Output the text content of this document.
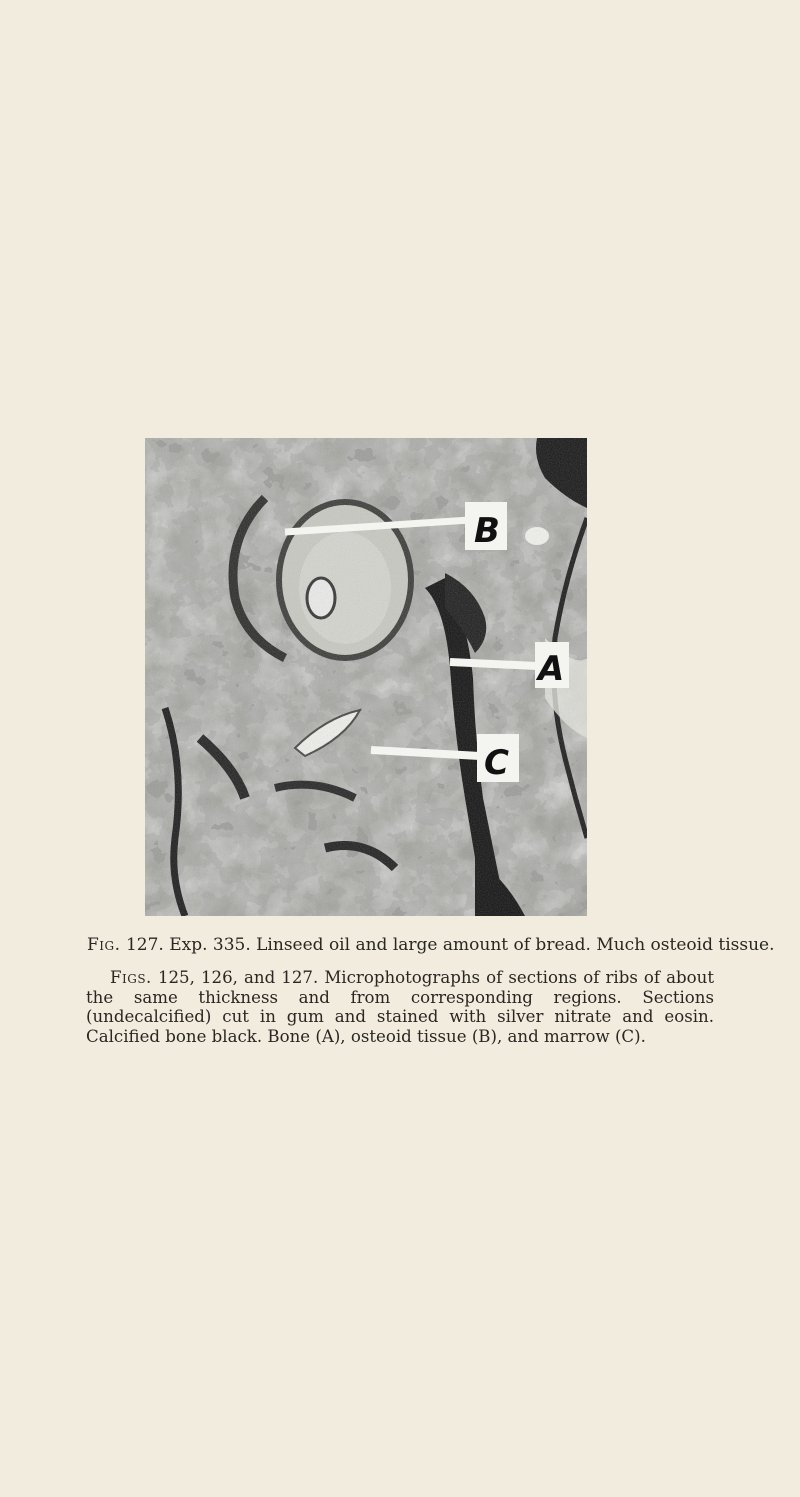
B
A
C

Fig. 127. Exp. 335. Linseed oil and large amount of bread. Much osteoid tissue.

Figs. 125, 126, and 127. Microphotographs of sections of ribs of about the same thickness and from corresponding regions. Sections (undecalcified) cut in gum and stained with silver nitrate and eosin. Calcified bone black. Bone (A), osteoid tissue (B), and marrow (C).
